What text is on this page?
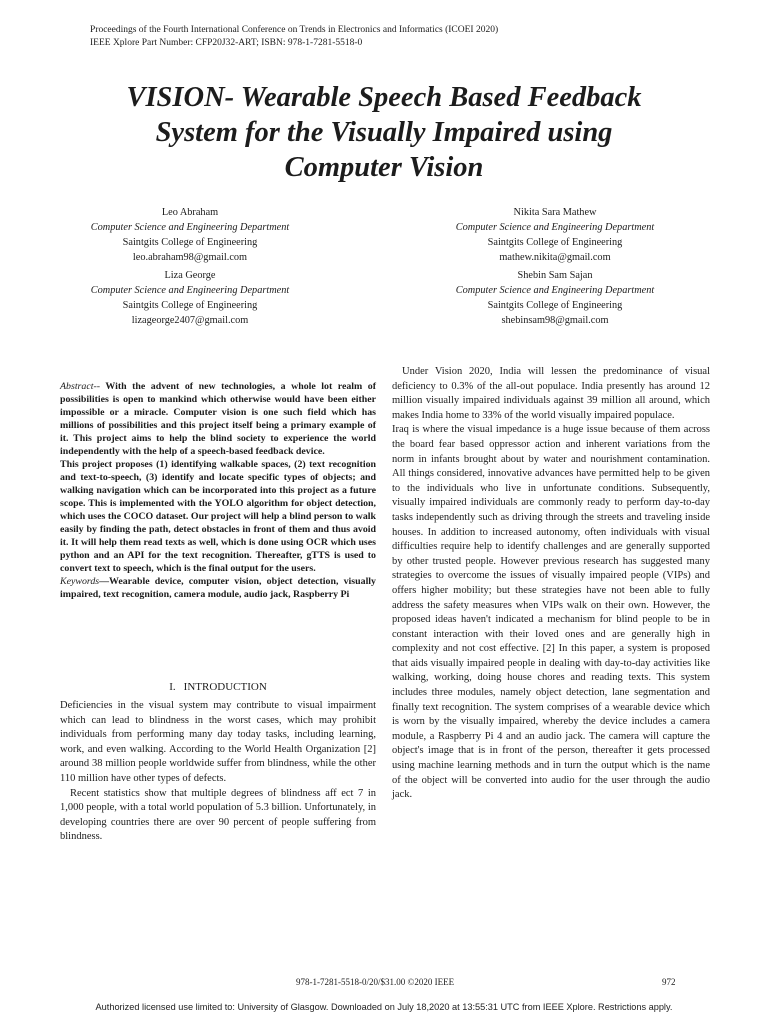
Proceedings of the Fourth International Conference on Trends in Electronics and Informatics (ICOEI 2020)
IEEE Xplore Part Number: CFP20J32-ART; ISBN: 978-1-7281-5518-0
VISION- Wearable Speech Based Feedback
System for the Visually Impaired using
Computer Vision
Leo Abraham
Computer Science and Engineering Department
Saintgits College of Engineering
leo.abraham98@gmail.com
Nikita Sara Mathew
Computer Science and Engineering Department
Saintgits College of Engineering
mathew.nikita@gmail.com
Liza George
Computer Science and Engineering Department
Saintgits College of Engineering
lizageorge2407@gmail.com
Shebin Sam Sajan
Computer Science and Engineering Department
Saintgits College of Engineering
shebinsam98@gmail.com

Abstract-- With the advent of new technologies, a whole lot realm of possibilities is open to mankind which otherwise would have been either impossible or a miracle. Computer vision is one such field which has millions of possibilities and this project itself being a primary example of it. This project aims to help the blind society to experience the world independently with the help of a speech-based feedback device.

This project proposes (1) identifying walkable spaces, (2) text recognition and text-to-speech, (3) identify and locate specific types of objects; and walking navigation which can be incorporated into this project as a future scope. This is implemented with the YOLO algorithm for object detection, which uses the COCO dataset. Our project will help a blind person to walk easily by finding the path, detect obstacles in front of them and thus avoid it. It will help them read texts as well, which is done using OCR which uses python and an API for the text recognition. Thereafter, gTTS is used to convert text to speech, which is the final output for the users.

Keywords—Wearable device, computer vision, object detection, visually impaired, text recognition, camera module, audio jack, Raspberry Pi

I. INTRODUCTION

Deficiencies in the visual system may contribute to visual impairment which can lead to blindness in the worst cases, which may prohibit individuals from performing many day today tasks, including learning, work, and even walking. According to the World Health Organization [2] around 38 million people worldwide suffer from blindness, while the other 110 million have other types of defects.

Recent statistics show that multiple degrees of blindness aff ect 7 in 1,000 people, with a total world population of 5.3 billion. Unfortunately, in developing countries there are over 90 percent of people suffering from blindness.

Under Vision 2020, India will lessen the predominance of visual deficiency to 0.3% of the all-out populace. India presently has around 12 million visually impaired individuals against 39 million all around, which makes India home to 33% of the world visually impaired populace.

Iraq is where the visual impedance is a huge issue because of them across the board fear based oppressor action and inherent variations from the norm in infants brought about by water and nourishment contamination. All things considered, innovative advances have permitted help to be given to the individuals who live in unfortunate conditions. Subsequently, visually impaired individuals are commonly ready to perform day-to-day tasks independently such as driving through the streets and traveling inside houses. In addition to increased autonomy, often individuals with visual difficulties require help to identify challenges and are generally supported by other trusted people. However previous research has suggested many strategies to overcome the issues of visually impaired people (VIPs) and offers higher mobility; but these strategies have not been able to fully address the safety measures when VIPs walk on their own. However, the proposed ideas haven't indicated a mechanism for blind people to be in constant interaction with their loved ones and are generally high in complexity and not cost effective. [2] In this paper, a system is proposed that aids visually impaired people in dealing with day-to-day activities like walking, working, doing house chores and reading texts. This system includes three modules, namely object detection, lane segmentation and finally text recognition. The system comprises of a wearable device which is worn by the visually impaired, whereby the device includes a camera module, a Raspberry Pi 4 and an audio jack. The camera will capture the object's image that is in front of the person, thereafter it gets processed using machine learning methods and in turn the output which is the name of the object will be converted into audio for the user through the audio jack.

978-1-7281-5518-0/20/$31.00 ©2020 IEEE	972
Authorized licensed use limited to: University of Glasgow. Downloaded on July 18,2020 at 13:55:31 UTC from IEEE Xplore. Restrictions apply.
